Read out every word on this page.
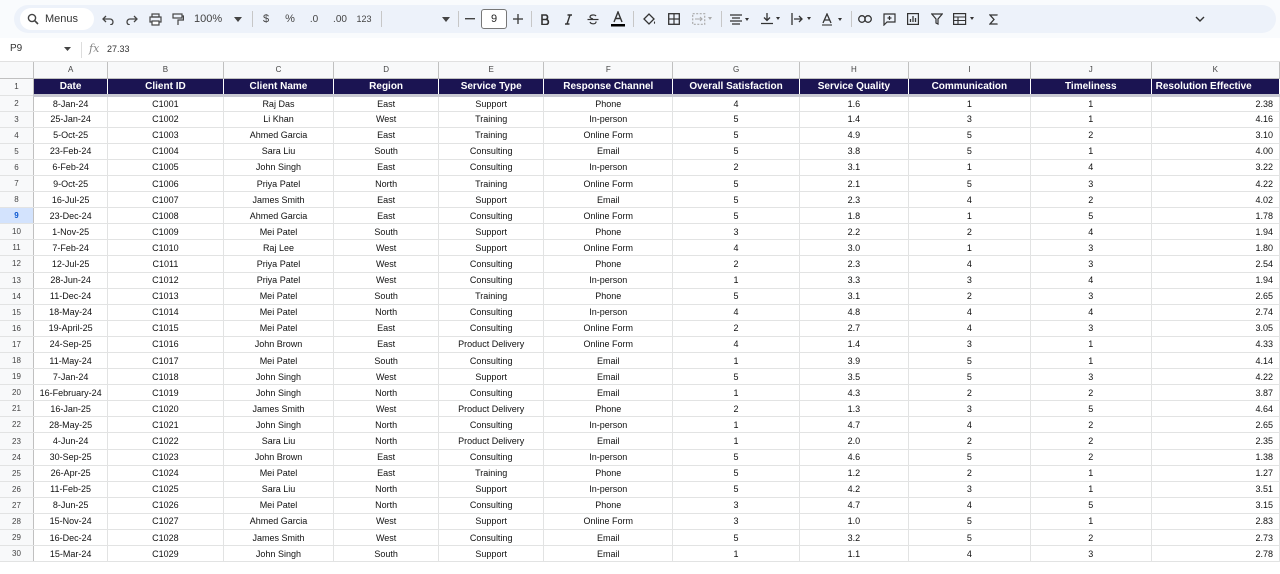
Menus	100%	$ %	.0	.00	123	9
P9	fx 27.33
	A	B	C	D	E	F	G	H	I	J	K
1	Date	Client ID	Client Name	Region	Service Type	Response Channel	Overall Satisfaction	Service Quality	Communication	Timeliness	Resolution Effective
2	8-Jan-24	C1001	Raj Das	East	Support	Phone	4	1.6	1	1	2.38
3	25-Jan-24	C1002	Li Khan	West	Training	In-person	5	1.4	3	1	4.16
4	5-Oct-25	C1003	Ahmed Garcia	East	Training	Online Form	5	4.9	5	2	3.10
5	23-Feb-24	C1004	Sara Liu	South	Consulting	Email	5	3.8	5	1	4.00
6	6-Feb-24	C1005	John Singh	East	Consulting	In-person	2	3.1	1	4	3.22
7	9-Oct-25	C1006	Priya Patel	North	Training	Online Form	5	2.1	5	3	4.22
8	16-Jul-25	C1007	James Smith	East	Support	Email	5	2.3	4	2	4.02
9	23-Dec-24	C1008	Ahmed Garcia	East	Consulting	Online Form	5	1.8	1	5	1.78
10	1-Nov-25	C1009	Mei Patel	South	Support	Phone	3	2.2	2	4	1.94
11	7-Feb-24	C1010	Raj Lee	West	Support	Online Form	4	3.0	1	3	1.80
12	12-Jul-25	C1011	Priya Patel	West	Consulting	Phone	2	2.3	4	3	2.54
13	28-Jun-24	C1012	Priya Patel	West	Consulting	In-person	1	3.3	3	4	1.94
14	11-Dec-24	C1013	Mei Patel	South	Training	Phone	5	3.1	2	3	2.65
15	18-May-24	C1014	Mei Patel	North	Consulting	In-person	4	4.8	4	4	2.74
16	19-April-25	C1015	Mei Patel	East	Consulting	Online Form	2	2.7	4	3	3.05
17	24-Sep-25	C1016	John Brown	East	Product Delivery	Online Form	4	1.4	3	1	4.33
18	11-May-24	C1017	Mei Patel	South	Consulting	Email	1	3.9	5	1	4.14
19	7-Jan-24	C1018	John Singh	West	Support	Email	5	3.5	5	3	4.22
20	16-February-24	C1019	John Singh	North	Consulting	Email	1	4.3	2	2	3.87
21	16-Jan-25	C1020	James Smith	West	Product Delivery	Phone	2	1.3	3	5	4.64
22	28-May-25	C1021	John Singh	North	Consulting	In-person	1	4.7	4	2	2.65
23	4-Jun-24	C1022	Sara Liu	North	Product Delivery	Email	1	2.0	2	2	2.35
24	30-Sep-25	C1023	John Brown	East	Consulting	In-person	5	4.6	5	2	1.38
25	26-Apr-25	C1024	Mei Patel	East	Training	Phone	5	1.2	2	1	1.27
26	11-Feb-25	C1025	Sara Liu	North	Support	In-person	5	4.2	3	1	3.51
27	8-Jun-25	C1026	Mei Patel	North	Consulting	Phone	3	4.7	4	5	3.15
28	15-Nov-24	C1027	Ahmed Garcia	West	Support	Online Form	3	1.0	5	1	2.83
29	16-Dec-24	C1028	James Smith	West	Consulting	Email	5	3.2	5	2	2.73
30	15-Mar-24	C1029	John Singh	South	Support	Email	1	1.1	4	3	2.78
